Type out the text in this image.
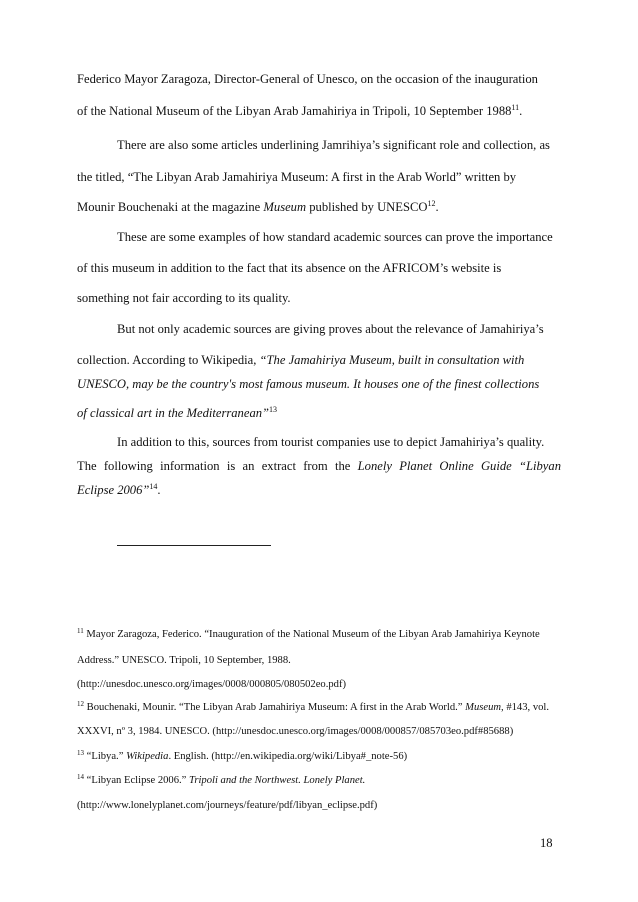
Federico Mayor Zaragoza, Director-General of Unesco, on the occasion of the inauguration
of the National Museum of the Libyan Arab Jamahiriya in Tripoli, 10 September 1988$^{11}$.
There are also some articles underlining Jamrihiya’s significant role and collection, as
the titled, “The Libyan Arab Jamahiriya Museum: A first in the Arab World” written by
Mounir Bouchenaki at the magazine Museum published by UNESCO$^{12}$.
These are some examples of how standard academic sources can prove the importance
of this museum in addition to the fact that its absence on the AFRICOM’s website is
something not fair according to its quality.
But not only academic sources are giving proves about the relevance of Jamahiriya’s
collection. According to Wikipedia, “The Jamahiriya Museum, built in consultation with
UNESCO, may be the country's most famous museum. It houses one of the finest collections
of classical art in the Mediterranean”$^{13}$
In addition to this, sources from tourist companies use to depict Jamahiriya’s quality.
The following information is an extract from the Lonely Planet Online Guide “Libyan
Eclipse 2006”$^{14}$.
$^{11}$ Mayor Zaragoza, Federico. “Inauguration of the National Museum of the Libyan Arab Jamahiriya Keynote
Address.” UNESCO. Tripoli, 10 September, 1988.
(http://unesdoc.unesco.org/images/0008/000805/080502eo.pdf)
$^{12}$ Bouchenaki, Mounir. “The Libyan Arab Jamahiriya Museum: A first in the Arab World.” Museum, #143, vol.
XXXVI, nº 3, 1984. UNESCO. (http://unesdoc.unesco.org/images/0008/000857/085703eo.pdf#85688)
$^{13}$ “Libya.” Wikipedia. English. (http://en.wikipedia.org/wiki/Libya#_note-56)
$^{14}$ “Libyan Eclipse 2006.” Tripoli and the Northwest. Lonely Planet.
(http://www.lonelyplanet.com/journeys/feature/pdf/libyan_eclipse.pdf)
18
